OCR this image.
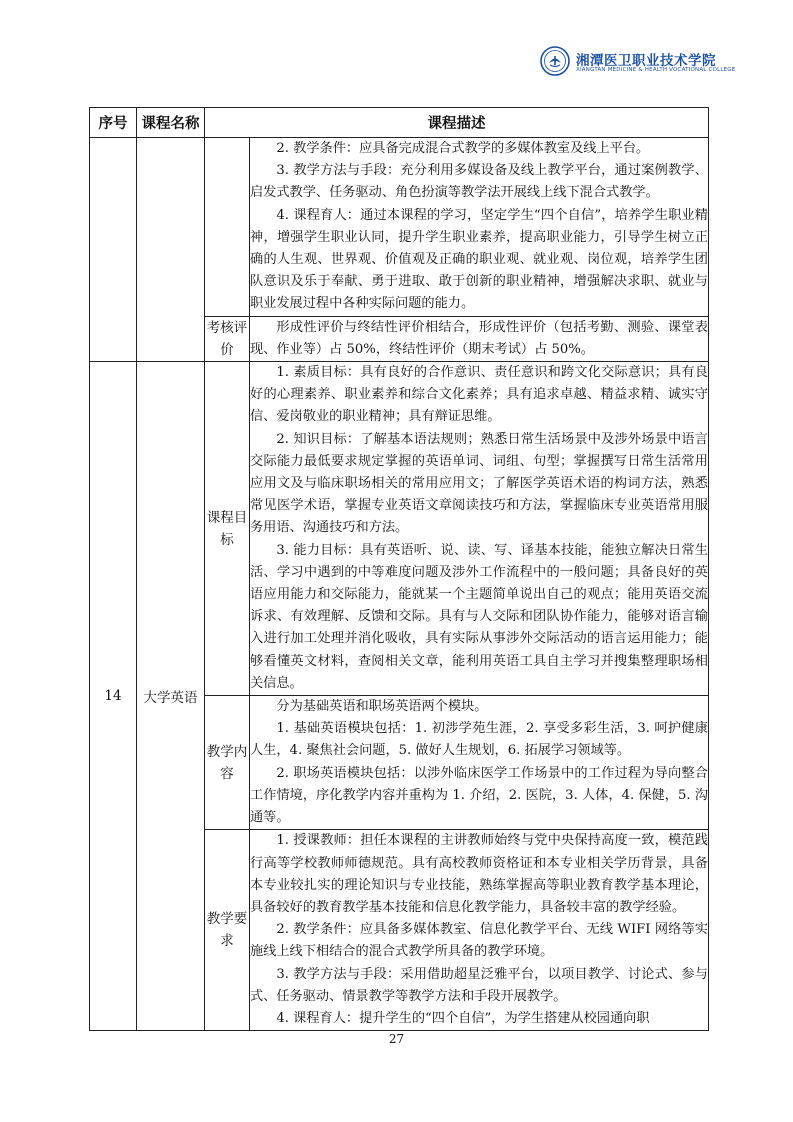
湘潭医卫职业技术学院
XIANGTAN MEDICINE & HEALTH VOCATIONAL COLLEGE
序号	课程名称	课程描述	

			2. 教学条件：应具备完成混合式教学的多媒体教室及线上平台。

3. 教学方法与手段：充分利用多媒设备及线上教学平台，通过案例教学、启发式教学、任务驱动、角色扮演等教学法开展线上线下混合式教学。

4. 课程育人：通过本课程的学习，坚定学生“四个自信”，培养学生职业精神，增强学生职业认同，提升学生职业素养，提高职业能力，引导学生树立正确的人生观、世界观、价值观及正确的职业观、就业观、岗位观，培养学生团队意识及乐于奉献、勇于进取、敢于创新的职业精神，增强解决求职、就业与职业发展过程中各种实际问题的能力。

		考核评价	形成性评价与终结性评价相结合，形成性评价（包括考勤、测验、课堂表现、作业等）占 50%，终结性评价（期末考试）占 50%。

14	大学英语	课程目标	1. 素质目标：具有良好的合作意识、责任意识和跨文化交际意识；具有良好的心理素养、职业素养和综合文化素养；具有追求卓越、精益求精、诚实守信、爱岗敬业的职业精神；具有辩证思维。

2. 知识目标：了解基本语法规则；熟悉日常生活场景中及涉外场景中语言交际能力最低要求规定掌握的英语单词、词组、句型；掌握撰写日常生活常用应用文及与临床职场相关的常用应用文；了解医学英语术语的构词方法，熟悉常见医学术语，掌握专业英语文章阅读技巧和方法，掌握临床专业英语常用服务用语、沟通技巧和方法。

3. 能力目标：具有英语听、说、读、写、译基本技能，能独立解决日常生活、学习中遇到的中等难度问题及涉外工作流程中的一般问题；具备良好的英语应用能力和交际能力，能就某一个主题简单说出自己的观点；能用英语交流诉求、有效理解、反馈和交际。具有与人交际和团队协作能力，能够对语言输入进行加工处理并消化吸收，具有实际从事涉外交际活动的语言运用能力；能够看懂英文材料，查阅相关文章，能利用英语工具自主学习并搜集整理职场相关信息。

		教学内容	分为基础英语和职场英语两个模块。

1. 基础英语模块包括：1. 初涉学苑生涯，2. 享受多彩生活，3. 呵护健康人生，4. 聚焦社会问题，5. 做好人生规划，6. 拓展学习领域等。

2. 职场英语模块包括：以涉外临床医学工作场景中的工作过程为导向整合工作情境，序化教学内容并重构为 1. 介绍，2. 医院，3. 人体，4. 保健，5. 沟通等。

		教学要求	1. 授课教师：担任本课程的主讲教师始终与党中央保持高度一致，模范践行高等学校教师师德规范。具有高校教师资格证和本专业相关学历背景，具备本专业较扎实的理论知识与专业技能，熟练掌握高等职业教育教学基本理论，具备较好的教育教学基本技能和信息化教学能力，具备较丰富的教学经验。

2. 教学条件：应具备多媒体教室、信息化教学平台、无线 WIFI 网络等实施线上线下相结合的混合式教学所具备的教学环境。

3. 教学方法与手段：采用借助超星泛雅平台，以项目教学、讨论式、参与式、任务驱动、情景教学等教学方法和手段开展教学。

4. 课程育人：提升学生的“四个自信”，为学生搭建从校园通向职

27
